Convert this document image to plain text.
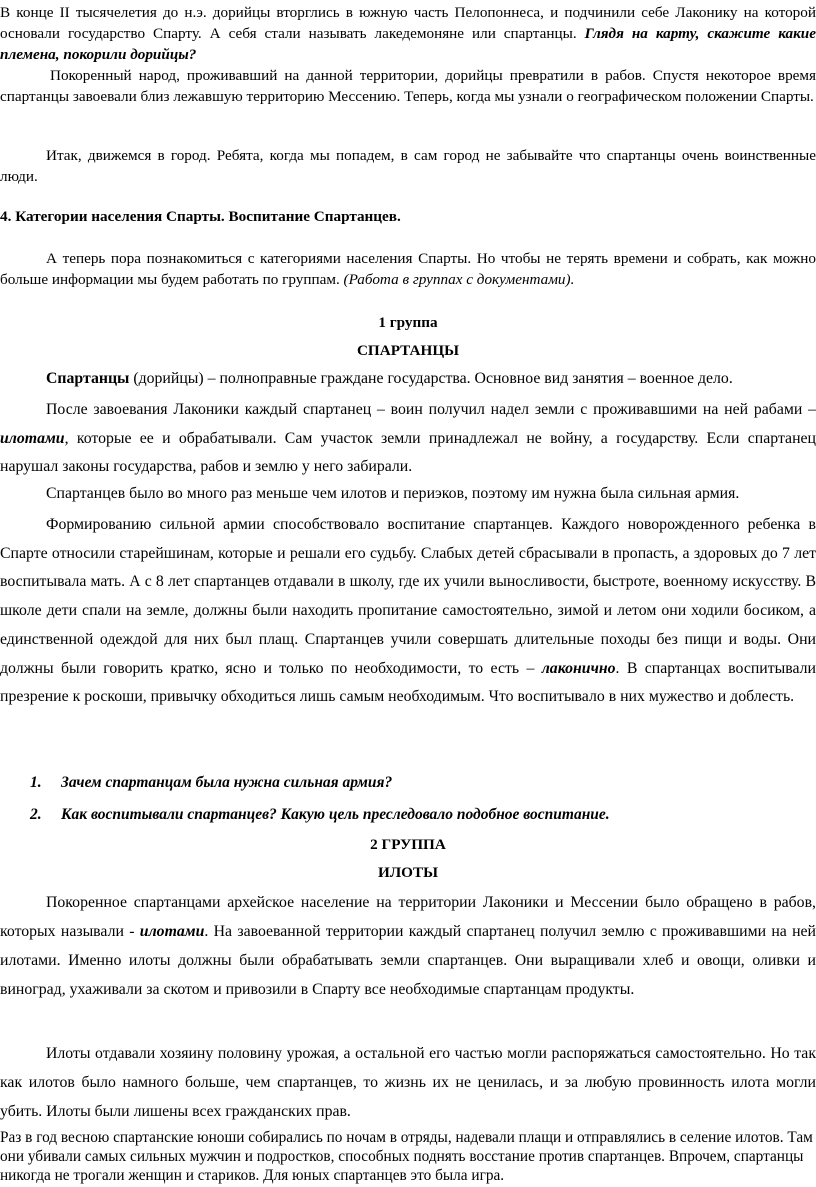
В конце II тысячелетия до н.э. дорийцы вторглись в южную часть Пелопоннеса, и подчинили себе Лаконику на которой основали государство Спарту. А себя стали называть лакедемоняне или спартанцы. Глядя на карту, скажите какие племена, покорили дорийцы?

Покоренный народ, проживавший на данной территории, дорийцы превратили в рабов. Спустя некоторое время спартанцы завоевали близ лежавшую территорию Мессению. Теперь, когда мы узнали о географическом положении Спарты.

Итак, движемся в город. Ребята, когда мы попадем, в сам город не забывайте что спартанцы очень воинственные люди.

4. Категории населения Спарты. Воспитание Спартанцев.

А теперь пора познакомиться с категориями населения Спарты. Но чтобы не терять времени и собрать, как можно больше информации мы будем работать по группам. (Работа в группах с документами).

1 группа

СПАРТАНЦЫ

Спартанцы (дорийцы) – полноправные граждане государства. Основное вид занятия – военное дело.

После завоевания Лаконики каждый спартанец – воин получил надел земли с проживавшими на ней рабами – илотами, которые ее и обрабатывали. Сам участок земли принадлежал не войну, а государству. Если спартанец нарушал законы государства, рабов и землю у него забирали.

Спартанцев было во много раз меньше чем илотов и периэков, поэтому им нужна была сильная армия.

Формированию сильной армии способствовало воспитание спартанцев. Каждого новорожденного ребенка в Спарте относили старейшинам, которые и решали его судьбу. Слабых детей сбрасывали в пропасть, а здоровых до 7 лет воспитывала мать. А с 8 лет спартанцев отдавали в школу, где их учили выносливости, быстроте, военному искусству. В школе дети спали на земле, должны были находить пропитание самостоятельно, зимой и летом они ходили босиком, а единственной одеждой для них был плащ. Спартанцев учили совершать длительные походы без пищи и воды. Они должны были говорить кратко, ясно и только по необходимости, то есть – лаконично. В спартанцах воспитывали презрение к роскоши, привычку обходиться лишь самым необходимым. Что воспитывало в них мужество и доблесть.

1. Зачем спартанцам была нужна сильная армия?
2. Как воспитывали спартанцев? Какую цель преследовало подобное воспитание.

2 ГРУППА

ИЛОТЫ

Покоренное спартанцами архейское население на территории Лаконики и Мессении было обращено в рабов, которых называли - илотами. На завоеванной территории каждый спартанец получил землю с проживавшими на ней илотами. Именно илоты должны были обрабатывать земли спартанцев. Они выращивали хлеб и овощи, оливки и виноград, ухаживали за скотом и привозили в Спарту все необходимые спартанцам продукты.

Илоты отдавали хозяину половину урожая, а остальной его частью могли распоряжаться самостоятельно. Но так как илотов было намного больше, чем спартанцев, то жизнь их не ценилась, и за любую провинность илота могли убить. Илоты были лишены всех гражданских прав.

Раз в год весною спартанские юноши собирались по ночам в отряды, надевали плащи и отправлялись в селение илотов. Там они убивали самых сильных мужчин и подростков, способных поднять восстание против спартанцев. Впрочем, спартанцы никогда не трогали женщин и стариков. Для юных спартанцев это была игра.
